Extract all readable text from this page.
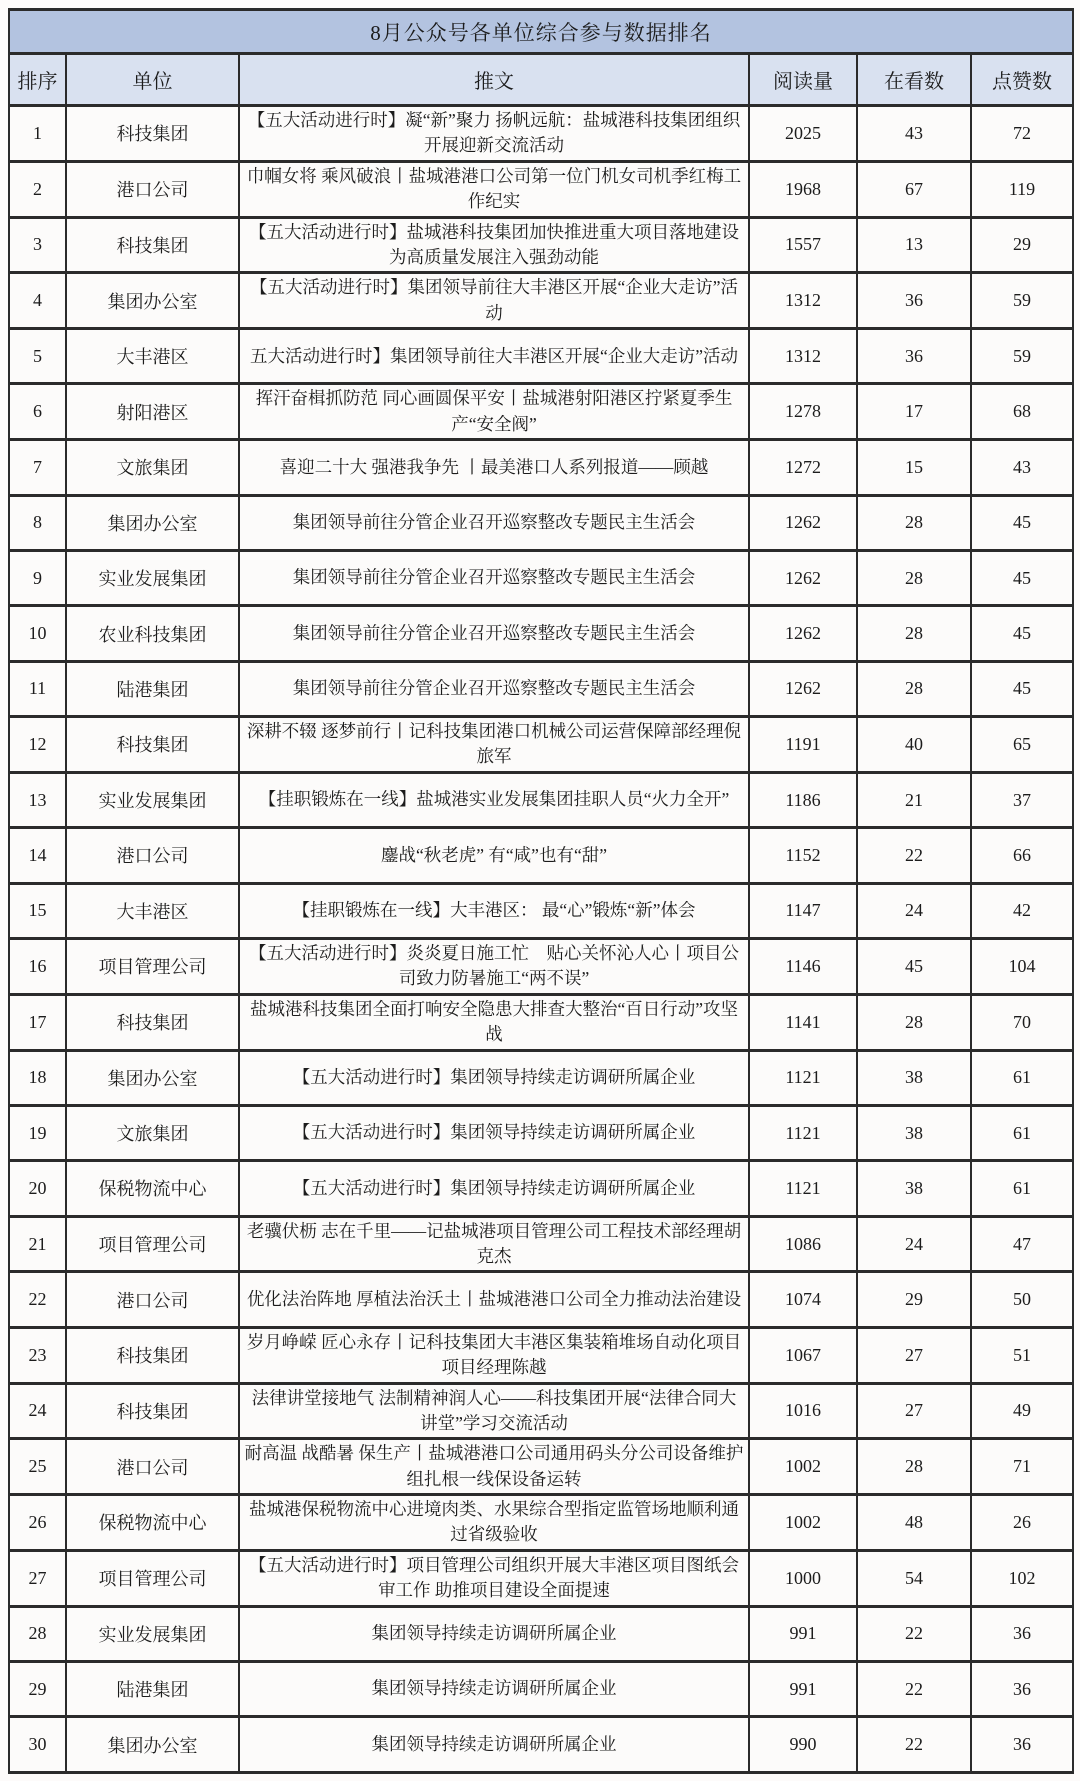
8月公众号各单位综合参与数据排名					
排序	单位	推文	阅读量	在看数	点赞数
1	科技集团	【五大活动进行时】凝“新”聚力 扬帆远航：盐城港科技集团组织开展迎新交流活动	2025	43	72
2	港口公司	巾帼女将 乘风破浪丨盐城港港口公司第一位门机女司机季红梅工作纪实	1968	67	119
3	科技集团	【五大活动进行时】盐城港科技集团加快推进重大项目落地建设为高质量发展注入强劲动能	1557	13	29
4	集团办公室	【五大活动进行时】集团领导前往大丰港区开展“企业大走访”活动	1312	36	59
5	大丰港区	五大活动进行时】集团领导前往大丰港区开展“企业大走访”活动	1312	36	59
6	射阳港区	挥汗奋楫抓防范 同心画圆保平安丨盐城港射阳港区拧紧夏季生产“安全阀”	1278	17	68
7	文旅集团	喜迎二十大 强港我争先 丨最美港口人系列报道——顾越	1272	15	43
8	集团办公室	集团领导前往分管企业召开巡察整改专题民主生活会	1262	28	45
9	实业发展集团	集团领导前往分管企业召开巡察整改专题民主生活会	1262	28	45
10	农业科技集团	集团领导前往分管企业召开巡察整改专题民主生活会	1262	28	45
11	陆港集团	集团领导前往分管企业召开巡察整改专题民主生活会	1262	28	45
12	科技集团	深耕不辍 逐梦前行丨记科技集团港口机械公司运营保障部经理倪旅军	1191	40	65
13	实业发展集团	【挂职锻炼在一线】盐城港实业发展集团挂职人员“火力全开”	1186	21	37
14	港口公司	鏖战“秋老虎” 有“咸”也有“甜”	1152	22	66
15	大丰港区	【挂职锻炼在一线】大丰港区： 最“心”锻炼“新”体会	1147	24	42
16	项目管理公司	【五大活动进行时】炎炎夏日施工忙　贴心关怀沁人心丨项目公司致力防暑施工“两不误”	1146	45	104
17	科技集团	盐城港科技集团全面打响安全隐患大排查大整治“百日行动”攻坚战	1141	28	70
18	集团办公室	【五大活动进行时】集团领导持续走访调研所属企业	1121	38	61
19	文旅集团	【五大活动进行时】集团领导持续走访调研所属企业	1121	38	61
20	保税物流中心	【五大活动进行时】集团领导持续走访调研所属企业	1121	38	61
21	项目管理公司	老骥伏枥 志在千里——记盐城港项目管理公司工程技术部经理胡克杰	1086	24	47
22	港口公司	优化法治阵地 厚植法治沃土丨盐城港港口公司全力推动法治建设	1074	29	50
23	科技集团	岁月峥嵘 匠心永存丨记科技集团大丰港区集装箱堆场自动化项目项目经理陈越	1067	27	51
24	科技集团	法律讲堂接地气 法制精神润人心——科技集团开展“法律合同大讲堂”学习交流活动	1016	27	49
25	港口公司	耐高温 战酷暑 保生产丨盐城港港口公司通用码头分公司设备维护组扎根一线保设备运转	1002	28	71
26	保税物流中心	盐城港保税物流中心进境肉类、水果综合型指定监管场地顺利通过省级验收	1002	48	26
27	项目管理公司	【五大活动进行时】项目管理公司组织开展大丰港区项目图纸会审工作 助推项目建设全面提速	1000	54	102
28	实业发展集团	集团领导持续走访调研所属企业	991	22	36
29	陆港集团	集团领导持续走访调研所属企业	991	22	36
30	集团办公室	集团领导持续走访调研所属企业	990	22	36
